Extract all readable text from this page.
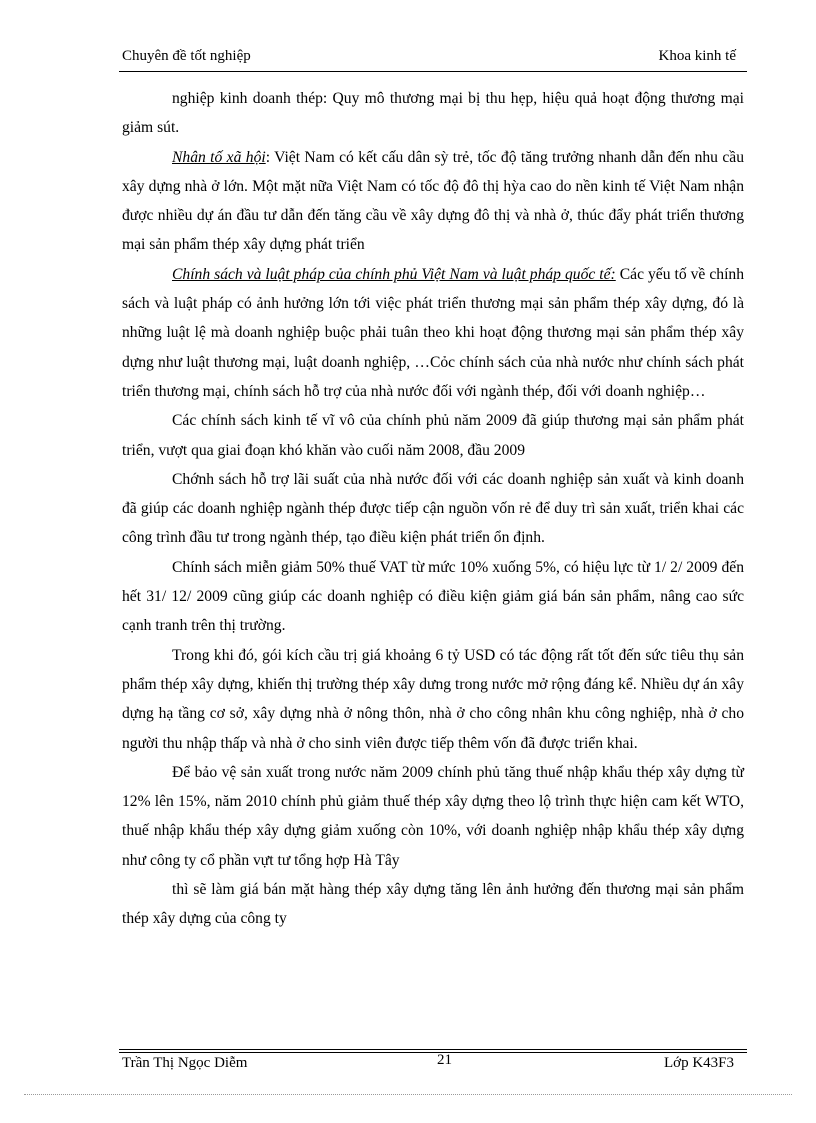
Chuyên đề tốt nghiệp	Khoa kinh tế

nghiệp kinh doanh thép: Quy mô thương mại bị thu hẹp, hiệu quả hoạt động thương mại giảm sút.

Nhân tố xã hội: Việt Nam có kết cấu dân sỳ trẻ, tốc độ tăng trưởng nhanh dẫn đến nhu cầu xây dựng nhà ở lớn. Một mặt nữa Việt Nam có tốc độ đô thị hỳa cao do nền kinh tế Việt Nam nhận được nhiều dự án đầu tư dẫn đến tăng cầu về xây dựng đô thị và nhà ở, thúc đẩy phát triển thương mại sản phẩm thép xây dựng phát triển

Chính sách và luật pháp của chính phủ Việt Nam và luật pháp quốc tế: Các yếu tố về chính sách và luật pháp có ảnh hưởng lớn tới việc phát triển thương mại sản phẩm thép xây dựng, đó là những luật lệ mà doanh nghiệp buộc phải tuân theo khi hoạt động thương mại sản phẩm thép xây dựng như luật thương mại, luật doanh nghiệp, …Cỏc chính sách của nhà nước như chính sách phát triển thương mại, chính sách hỗ trợ của nhà nước đối với ngành thép, đối với doanh nghiệp…

Các chính sách kinh tế vĩ vô của chính phủ năm 2009 đã giúp thương mại sản phẩm phát triển, vượt qua giai đoạn khó khăn vào cuối năm 2008, đầu 2009

Chớnh sách hỗ trợ lãi suất của nhà nước đối với các doanh nghiệp sản xuất và kinh doanh đã giúp các doanh nghiệp ngành thép được tiếp cận nguồn vốn rẻ để duy trì sản xuất, triển khai các công trình đầu tư trong ngành thép, tạo điều kiện phát triển ổn định.

Chính sách miễn giảm 50% thuế VAT từ mức 10% xuống 5%, có hiệu lực từ 1/ 2/ 2009 đến hết 31/ 12/ 2009 cũng giúp các doanh nghiệp có điều kiện giảm giá bán sản phẩm, nâng cao sức cạnh tranh trên thị trường.

Trong khi đó, gói kích cầu trị giá khoảng 6 tỷ USD có tác động rất tốt đến sức tiêu thụ sản phẩm thép xây dựng, khiến thị trường thép xây dưng trong nước mở rộng đáng kể. Nhiều dự án xây dựng hạ tầng cơ sở, xây dựng nhà ở nông thôn, nhà ở cho công nhân khu công nghiệp, nhà ở cho người thu nhập thấp và nhà ở cho sinh viên được tiếp thêm vốn đã được triển khai.

Để bảo vệ sản xuất trong nước năm 2009 chính phủ tăng thuế nhập khẩu thép xây dựng từ 12% lên 15%, năm 2010 chính phủ giảm thuế thép xây dựng theo lộ trình thực hiện cam kết WTO, thuế nhập khẩu thép xây dựng giảm xuống còn 10%, với doanh nghiệp nhập khẩu thép xây dựng như công ty cổ phần vựt tư tổng hợp Hà Tây

thì sẽ làm giá bán mặt hàng thép xây dựng tăng lên ảnh hưởng đến thương mại sản phẩm thép xây dựng của công ty

Trần Thị Ngọc Diễm	21	Lớp K43F3
